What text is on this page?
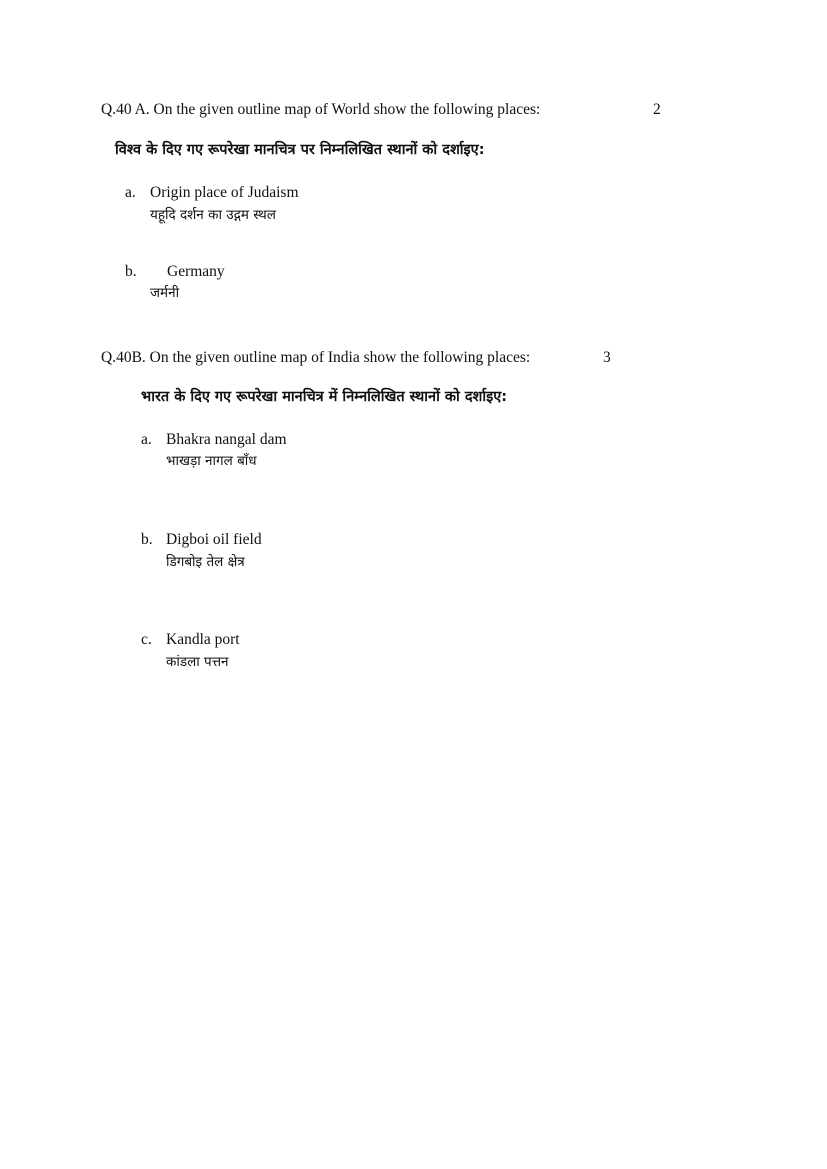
Q.40 A. On the given outline map of World show the following places:	2
विश्व के दिए गए रूपरेखा मानचित्र पर निम्नलिखित स्थानों को दर्शाइए:
a. Origin place of Judaism
यहूदि दर्शन का उद्गम स्थल
b. Germany
जर्मनी
Q.40B. On the given outline map of India show the following places:	3
भारत के दिए गए रूपरेखा मानचित्र में निम्नलिखित स्थानों को दर्शाइए:
a. Bhakra nangal dam
भाखड़ा नागल बाँध
b. Digboi oil field
डिगबोइ तेल क्षेत्र
c. Kandla port
कांडला पत्तन
